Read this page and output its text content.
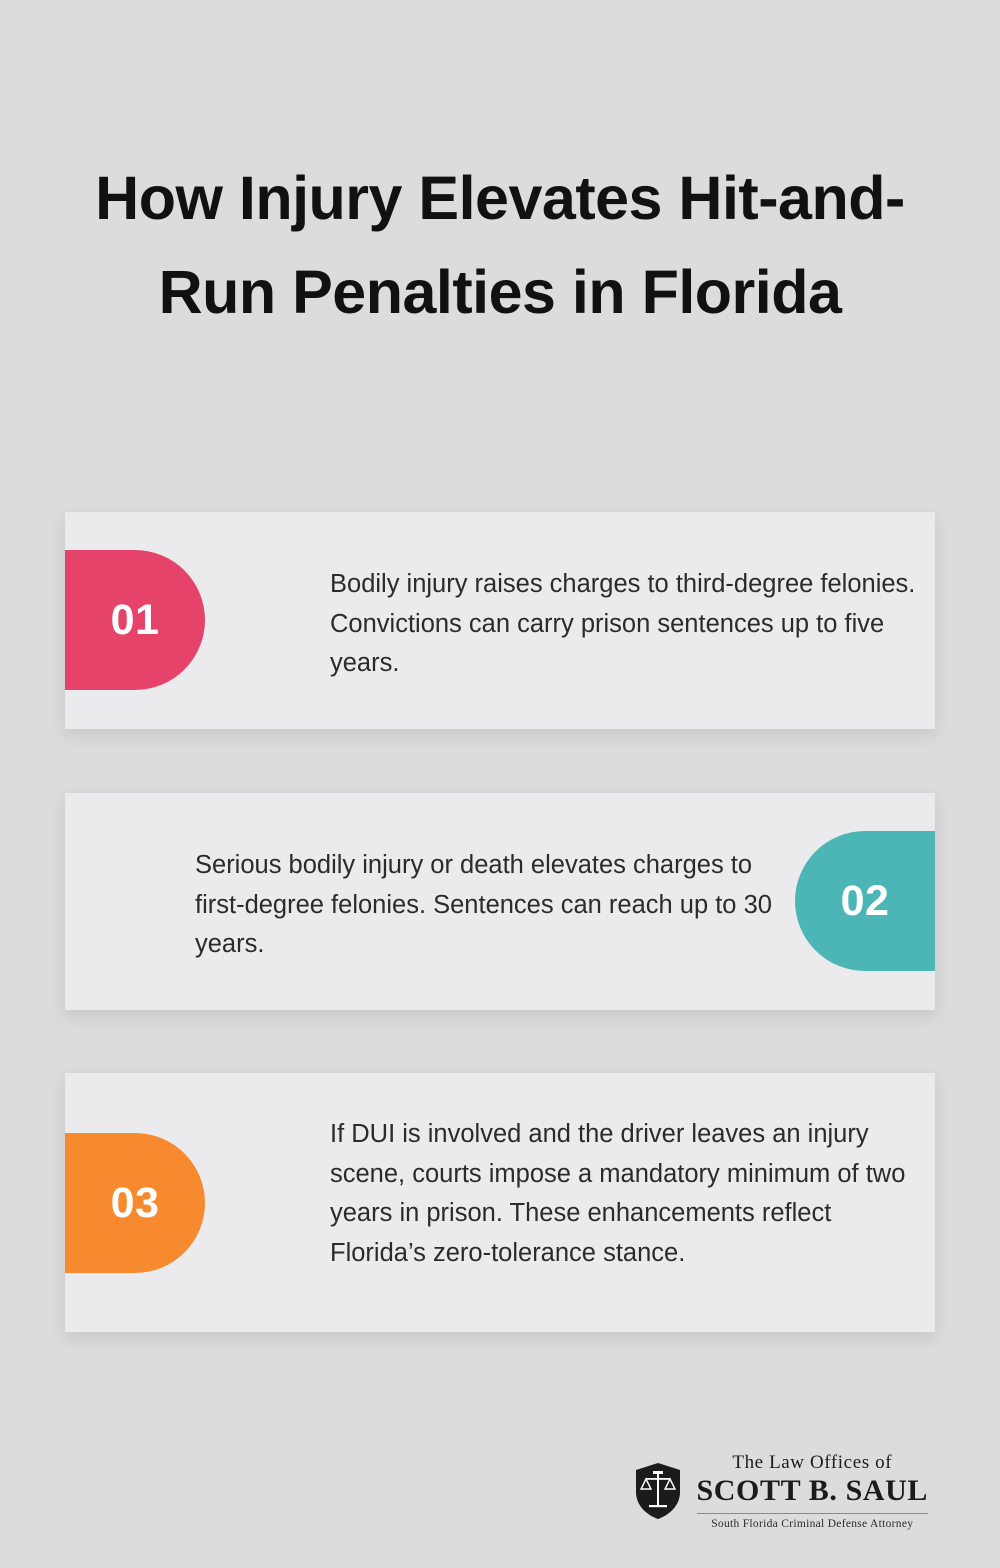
How Injury Elevates Hit-and-Run Penalties in Florida
01
Bodily injury raises charges to third-degree felonies. Convictions can carry prison sentences up to five years.
02
Serious bodily injury or death elevates charges to first-degree felonies. Sentences can reach up to 30 years.
03
If DUI is involved and the driver leaves an injury scene, courts impose a mandatory minimum of two years in prison. These enhancements reflect Florida’s zero-tolerance stance.
The Law Offices of
SCOTT B. SAUL
South Florida Criminal Defense Attorney
